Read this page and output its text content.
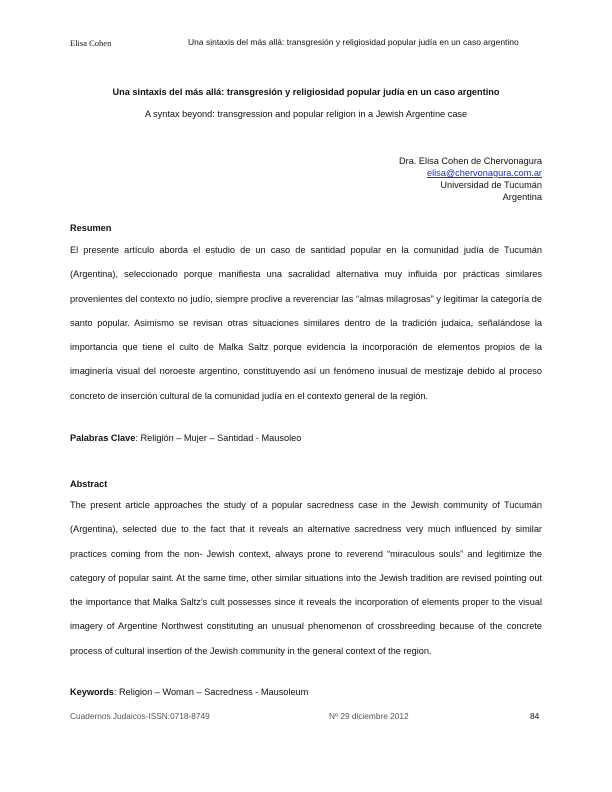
Elisa Cohen	Una sintaxis del más allá: transgresión y religiosidad popular judía en un caso argentino
Una sintaxis del más allá: transgresión y religiosidad popular judía en un caso argentino
A syntax beyond: transgression and popular religion in a Jewish Argentine case
Dra. Elisa Cohen de Chervonagura
elisa@chervonagura.com.ar
Universidad de Tucumán
Argentina
Resumen
El presente artículo aborda el estudio de un caso de santidad popular en la comunidad judía de Tucumán (Argentina), seleccionado porque manifiesta una sacralidad alternativa muy influida por prácticas similares provenientes del contexto no judío, siempre proclive a reverenciar las “almas milagrosas” y legitimar la categoría de santo popular. Asimismo se revisan otras situaciones similares dentro de la tradición judaica, señalándose la importancia que tiene el culto de Malka Saltz porque evidencia la incorporación de elementos propios de la imaginería visual del noroeste argentino, constituyendo así un fenómeno inusual de mestizaje debido al proceso concreto de inserción cultural de la comunidad judía en el contexto general de la región.
Palabras Clave: Religión – Mujer – Santidad - Mausoleo
Abstract
The present article approaches the study of a popular sacredness case in the Jewish community of Tucumán (Argentina), selected due to the fact that it reveals an alternative sacredness very much influenced by similar practices coming from the non- Jewish context, always prone to reverend “miraculous souls” and legitimize the category of popular saint. At the same time, other similar situations into the Jewish tradition are revised pointing out the importance that Malka Saltz’s cult possesses since it reveals the incorporation of elements proper to the visual imagery of Argentine Northwest constituting an unusual phenomenon of crossbreeding because of the concrete process of cultural insertion of the Jewish community in the general context of the region.
Keywords: Religion – Woman – Sacredness - Mausoleum
Cuadernos Judaicos-ISSN:0718-8749	Nº 29 diciembre 2012	84
